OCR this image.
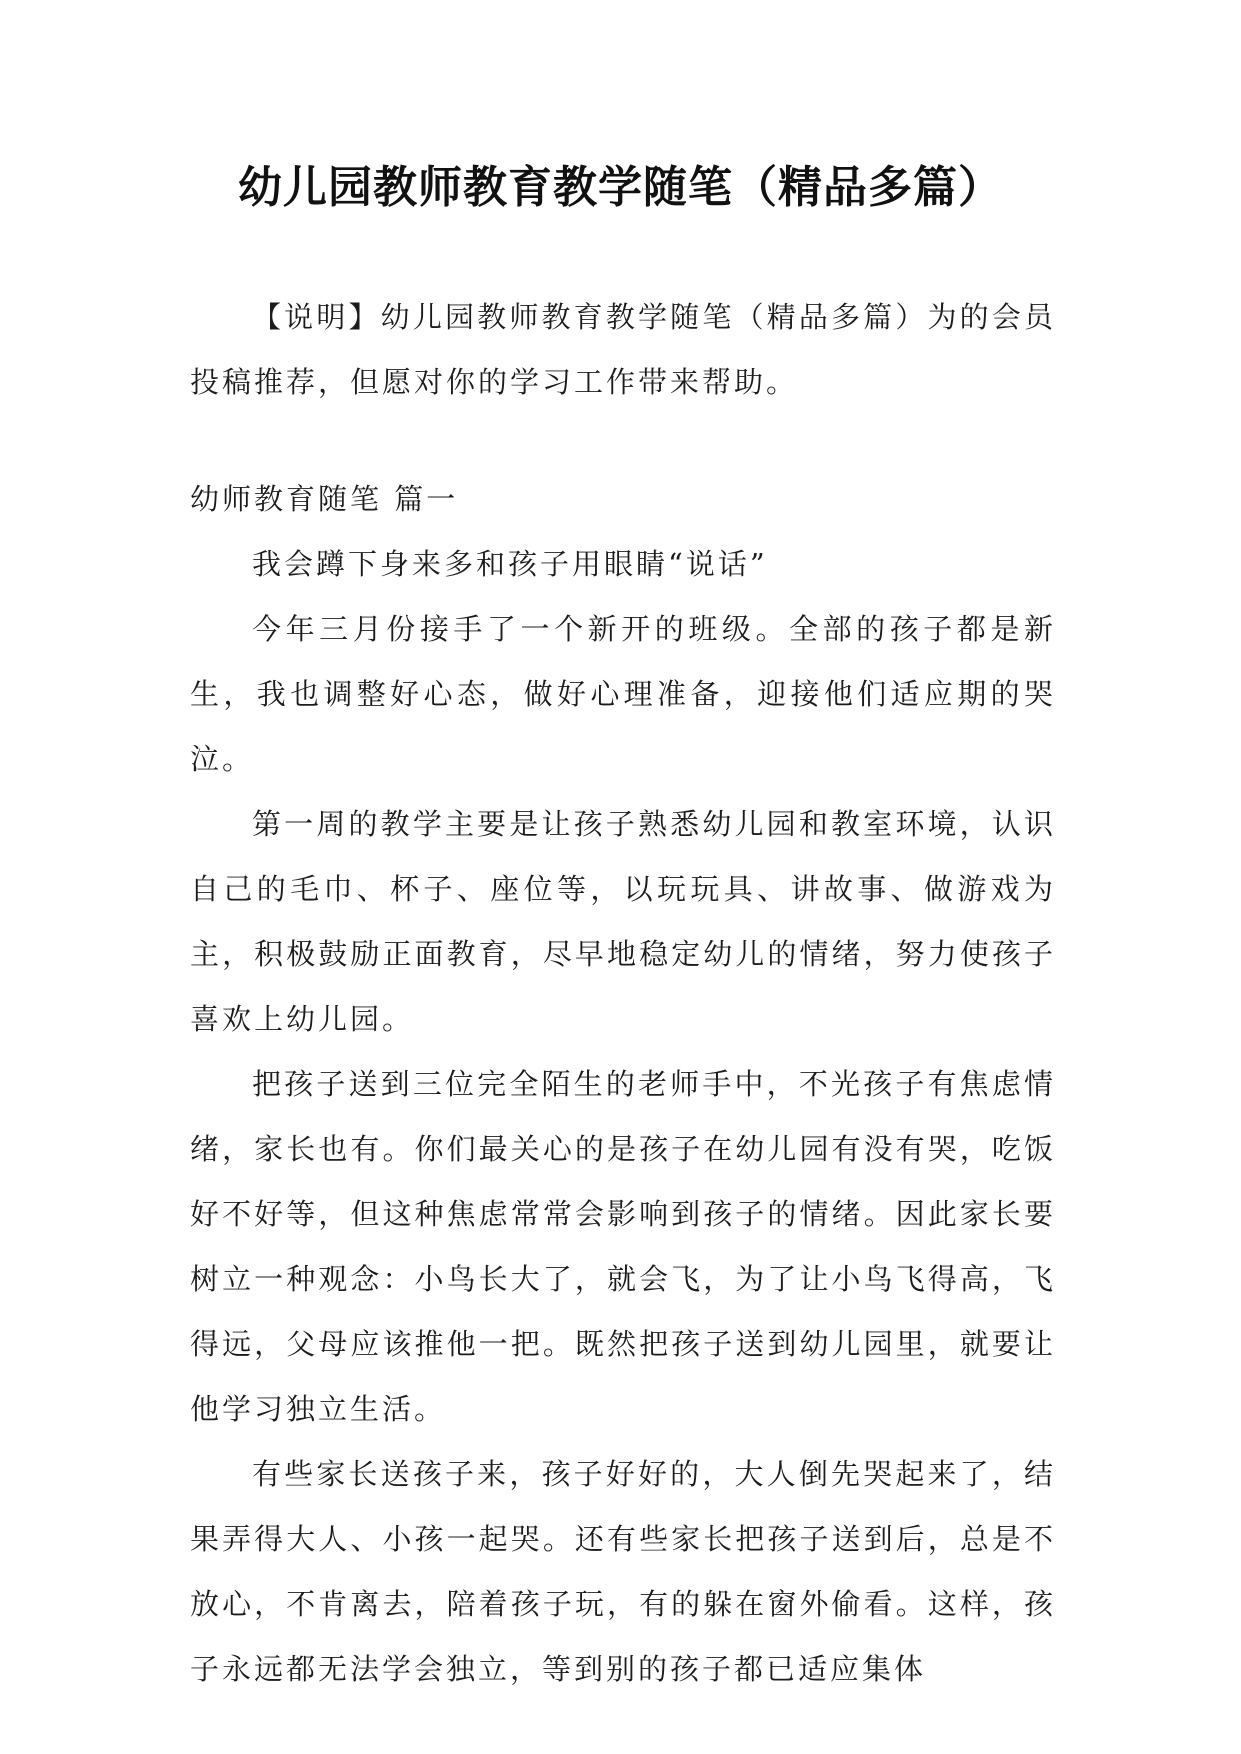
幼儿园教师教育教学随笔（精品多篇）

【说明】幼儿园教师教育教学随笔（精品多篇）为的会员投稿推荐，但愿对你的学习工作带来帮助。

幼师教育随笔 篇一

我会蹲下身来多和孩子用眼睛“说话”

今年三月份接手了一个新开的班级。全部的孩子都是新生，我也调整好心态，做好心理准备，迎接他们适应期的哭泣。

第一周的教学主要是让孩子熟悉幼儿园和教室环境，认识自己的毛巾、杯子、座位等，以玩玩具、讲故事、做游戏为主，积极鼓励正面教育，尽早地稳定幼儿的情绪，努力使孩子喜欢上幼儿园。

把孩子送到三位完全陌生的老师手中，不光孩子有焦虑情绪，家长也有。你们最关心的是孩子在幼儿园有没有哭，吃饭好不好等，但这种焦虑常常会影响到孩子的情绪。因此家长要树立一种观念：小鸟长大了，就会飞，为了让小鸟飞得高，飞得远，父母应该推他一把。既然把孩子送到幼儿园里，就要让他学习独立生活。

有些家长送孩子来，孩子好好的，大人倒先哭起来了，结果弄得大人、小孩一起哭。还有些家长把孩子送到后，总是不放心，不肯离去，陪着孩子玩，有的躲在窗外偷看。这样，孩子永远都无法学会独立，等到别的孩子都已适应集体
